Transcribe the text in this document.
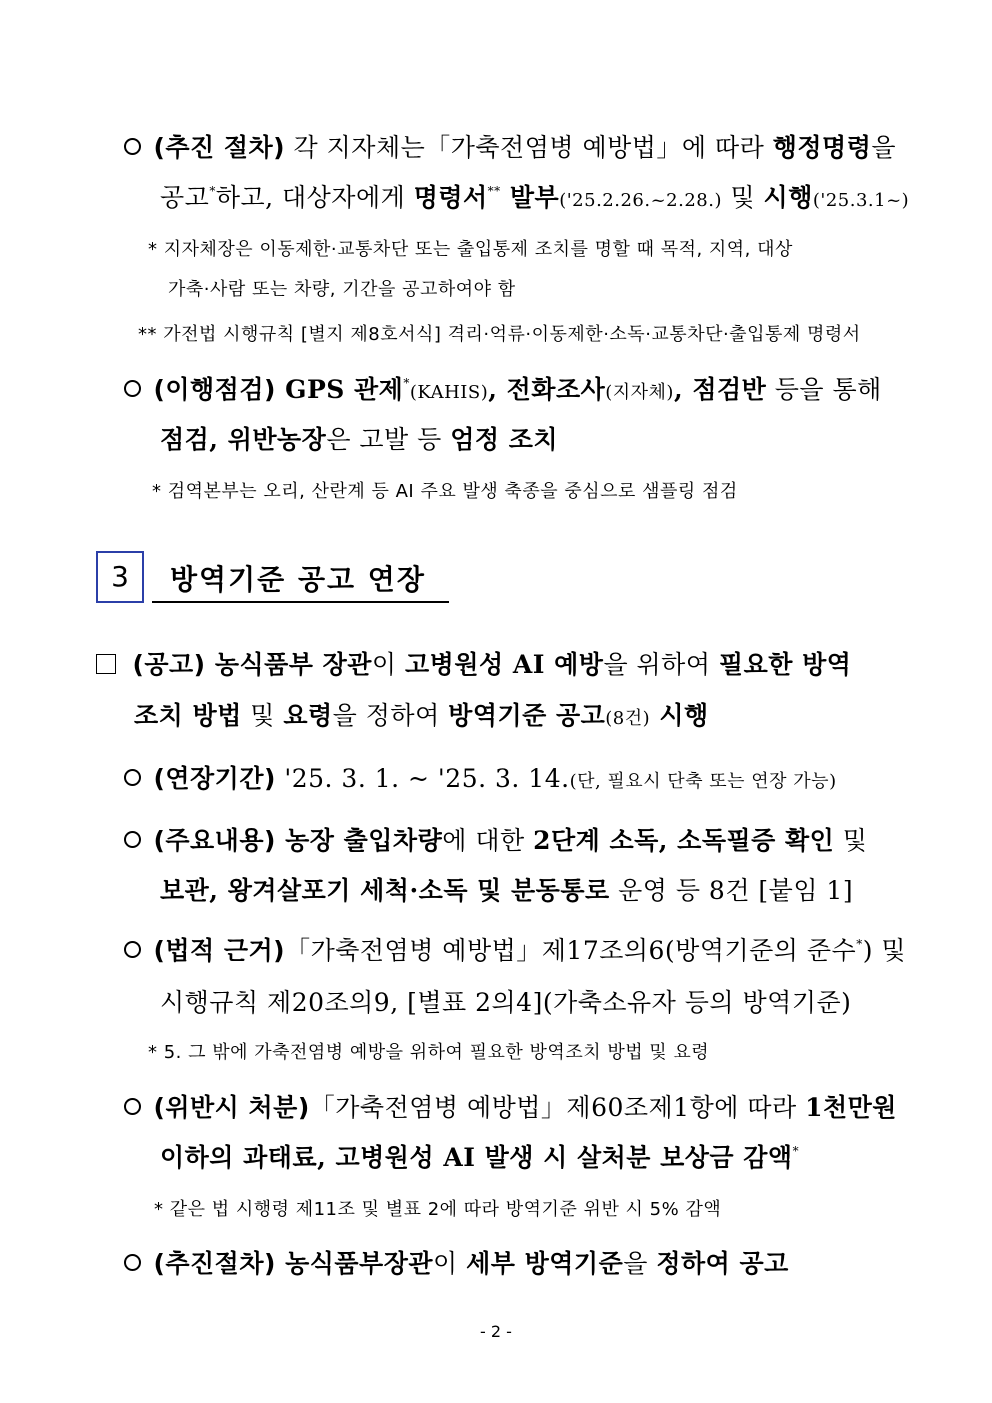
(추진 절차) 각 지자체는「가축전염병 예방법」에 따라 행정명령을
공고*하고, 대상자에게 명령서** 발부('25.2.26.~2.28.) 및 시행('25.3.1~)
* 지자체장은 이동제한·교통차단 또는 출입통제 조치를 명할 때 목적, 지역, 대상
가축·사람 또는 차량, 기간을 공고하여야 함
** 가전법 시행규칙 [별지 제8호서식] 격리·억류·이동제한·소독·교통차단·출입통제 명령서
(이행점검) GPS 관제*(KAHIS), 전화조사(지자체), 점검반 등을 통해
점검, 위반농장은 고발 등 엄정 조치
* 검역본부는 오리, 산란계 등 AI 주요 발생 축종을 중심으로 샘플링 점검
3	방역기준 공고 연장
(공고) 농식품부 장관이 고병원성 AI 예방을 위하여 필요한 방역
조치 방법 및 요령을 정하여 방역기준 공고(8건) 시행
(연장기간) '25. 3. 1. ~ '25. 3. 14.(단, 필요시 단축 또는 연장 가능)
(주요내용) 농장 출입차량에 대한 2단계 소독, 소독필증 확인 및
보관, 왕겨살포기 세척·소독 및 분동통로 운영 등 8건 [붙임 1]
(법적 근거)「가축전염병 예방법」제17조의6(방역기준의 준수*) 및
시행규칙 제20조의9, [별표 2의4](가축소유자 등의 방역기준)
* 5. 그 밖에 가축전염병 예방을 위하여 필요한 방역조치 방법 및 요령
(위반시 처분)「가축전염병 예방법」제60조제1항에 따라 1천만원
이하의 과태료, 고병원성 AI 발생 시 살처분 보상금 감액*
* 같은 법 시행령 제11조 및 별표 2에 따라 방역기준 위반 시 5% 감액
(추진절차) 농식품부장관이 세부 방역기준을 정하여 공고
- 2 -
